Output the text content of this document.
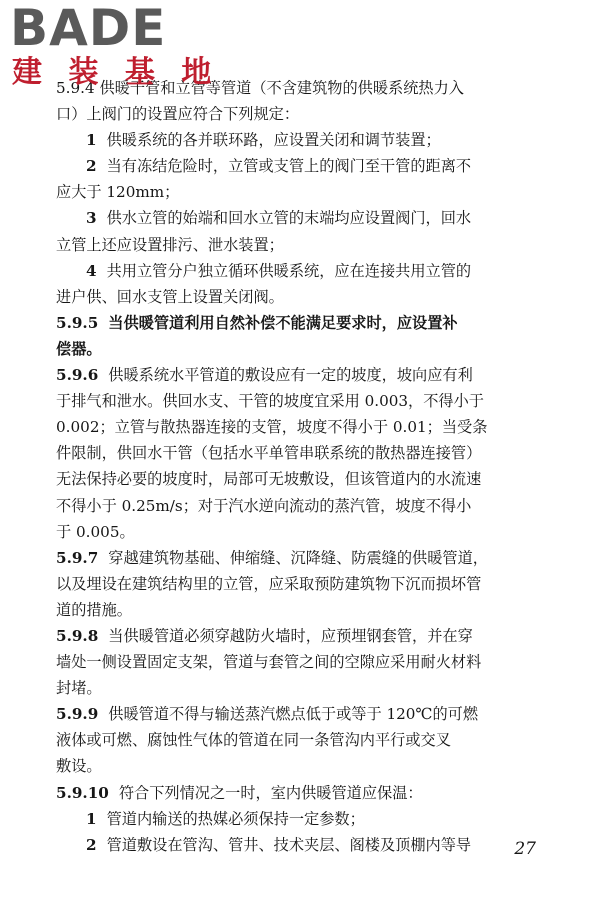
BADE
建 装 基 地
5.9.4 供暖干管和立管等管道（不含建筑物的供暖系统热力入
口）上阀门的设置应符合下列规定：
1 供暖系统的各并联环路，应设置关闭和调节装置；
2 当有冻结危险时，立管或支管上的阀门至干管的距离不
应大于 120mm；
3 供水立管的始端和回水立管的末端均应设置阀门，回水
立管上还应设置排污、泄水装置；
4 共用立管分户独立循环供暖系统，应在连接共用立管的
进户供、回水支管上设置关闭阀。
5.9.5 当供暖管道利用自然补偿不能满足要求时，应设置补
偿器。
5.9.6 供暖系统水平管道的敷设应有一定的坡度，坡向应有利
于排气和泄水。供回水支、干管的坡度宜采用 0.003，不得小于
0.002；立管与散热器连接的支管，坡度不得小于 0.01；当受条
件限制，供回水干管（包括水平单管串联系统的散热器连接管）
无法保持必要的坡度时，局部可无坡敷设，但该管道内的水流速
不得小于 0.25m/s；对于汽水逆向流动的蒸汽管，坡度不得小
于 0.005。
5.9.7 穿越建筑物基础、伸缩缝、沉降缝、防震缝的供暖管道，
以及埋设在建筑结构里的立管，应采取预防建筑物下沉而损坏管
道的措施。
5.9.8 当供暖管道必须穿越防火墙时，应预埋钢套管，并在穿
墙处一侧设置固定支架，管道与套管之间的空隙应采用耐火材料
封堵。
5.9.9 供暖管道不得与输送蒸汽燃点低于或等于 120℃的可燃
液体或可燃、腐蚀性气体的管道在同一条管沟内平行或交叉
敷设。
5.9.10 符合下列情况之一时，室内供暖管道应保温：
1 管道内输送的热媒必须保持一定参数；
2 管道敷设在管沟、管井、技术夹层、阁楼及顶棚内等导	27
